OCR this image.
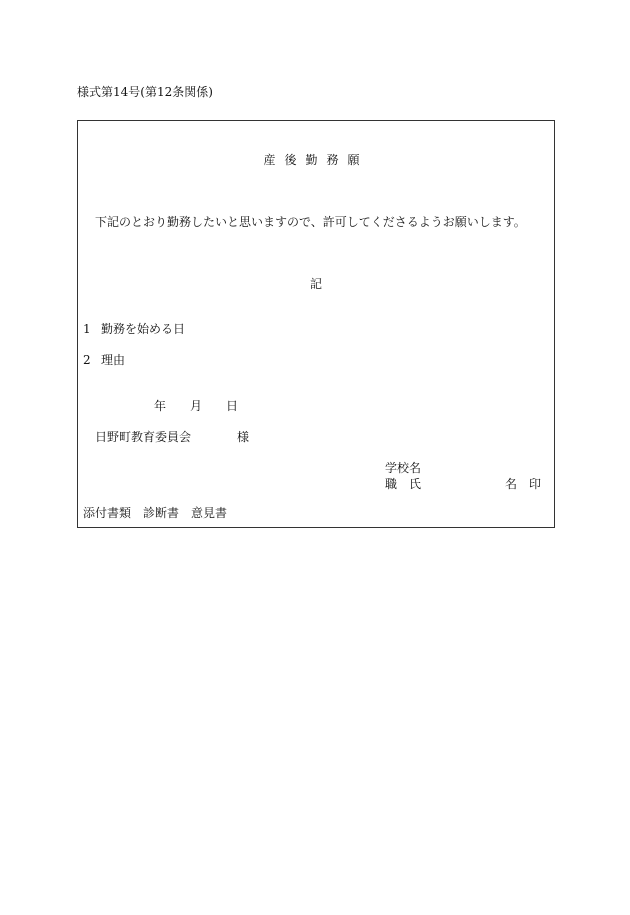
様式第14号(第12条関係)
産後勤務願
下記のとおり勤務したいと思いますので、許可してくださるようお願いします。
記
1 勤務を始める日
2 理由
年 月 日
日野町教育委員会	様
学校名
職 氏	名 印
添付書類 診断書 意見書
